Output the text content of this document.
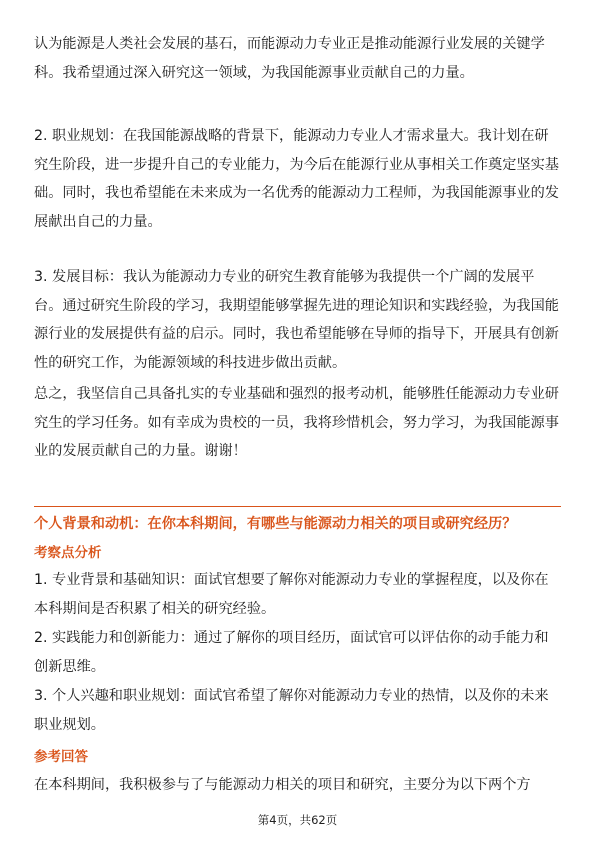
认为能源是人类社会发展的基石，而能源动力专业正是推动能源行业发展的关键学科。我希望通过深入研究这一领域，为我国能源事业贡献自己的力量。

2. 职业规划：在我国能源战略的背景下，能源动力专业人才需求量大。我计划在研究生阶段，进一步提升自己的专业能力，为今后在能源行业从事相关工作奠定坚实基础。同时，我也希望能在未来成为一名优秀的能源动力工程师，为我国能源事业的发展献出自己的力量。

3. 发展目标：我认为能源动力专业的研究生教育能够为我提供一个广阔的发展平台。通过研究生阶段的学习，我期望能够掌握先进的理论知识和实践经验，为我国能源行业的发展提供有益的启示。同时，我也希望能够在导师的指导下，开展具有创新性的研究工作，为能源领域的科技进步做出贡献。

总之，我坚信自己具备扎实的专业基础和强烈的报考动机，能够胜任能源动力专业研究生的学习任务。如有幸成为贵校的一员，我将珍惜机会，努力学习，为我国能源事业的发展贡献自己的力量。谢谢！

个人背景和动机：在你本科期间，有哪些与能源动力相关的项目或研究经历？

考察点分析

1. 专业背景和基础知识：面试官想要了解你对能源动力专业的掌握程度，以及你在本科期间是否积累了相关的研究经验。

2. 实践能力和创新能力：通过了解你的项目经历，面试官可以评估你的动手能力和创新思维。

3. 个人兴趣和职业规划：面试官希望了解你对能源动力专业的热情，以及你的未来职业规划。

参考回答

在本科期间，我积极参与了与能源动力相关的项目和研究，主要分为以下两个方

第4页，共62页
